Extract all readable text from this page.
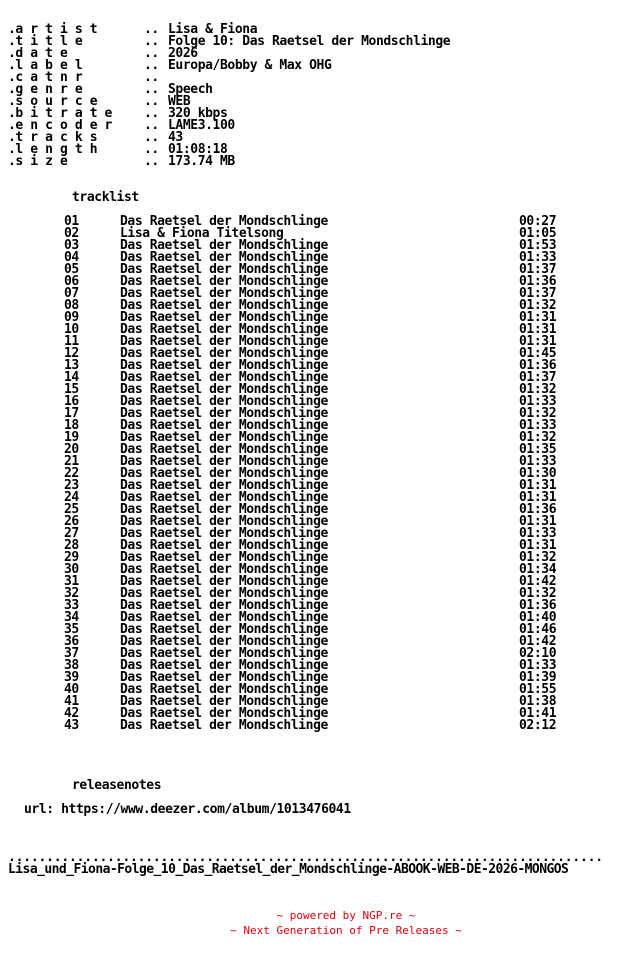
.a r t i s t	.. Lisa & Fiona
.t i t l e	.. Folge 10: Das Raetsel der Mondschlinge
.d a t e	.. 2026
.l a b e l	.. Europa/Bobby & Max OHG
.c a t n r	..
.g e n r e	.. Speech
.s o u r c e	.. WEB
.b i t r a t e .. 320 kbps
.e n c o d e r .. LAME3.100
.t r a c k s	.. 43
.l e n g t h	.. 01:08:18
.s i z e	.. 173.74 MB
tracklist
01	Das Raetsel der Mondschlinge	00:27
02	Lisa & Fiona Titelsong	01:05
03	Das Raetsel der Mondschlinge	01:53
04	Das Raetsel der Mondschlinge	01:33
05	Das Raetsel der Mondschlinge	01:37
06	Das Raetsel der Mondschlinge	01:36
07	Das Raetsel der Mondschlinge	01:37
08	Das Raetsel der Mondschlinge	01:32
09	Das Raetsel der Mondschlinge	01:31
10	Das Raetsel der Mondschlinge	01:31
11	Das Raetsel der Mondschlinge	01:31
12	Das Raetsel der Mondschlinge	01:45
13	Das Raetsel der Mondschlinge	01:36
14	Das Raetsel der Mondschlinge	01:37
15	Das Raetsel der Mondschlinge	01:32
16	Das Raetsel der Mondschlinge	01:33
17	Das Raetsel der Mondschlinge	01:32
18	Das Raetsel der Mondschlinge	01:33
19	Das Raetsel der Mondschlinge	01:32
20	Das Raetsel der Mondschlinge	01:35
21	Das Raetsel der Mondschlinge	01:33
22	Das Raetsel der Mondschlinge	01:30
23	Das Raetsel der Mondschlinge	01:31
24	Das Raetsel der Mondschlinge	01:31
25	Das Raetsel der Mondschlinge	01:36
26	Das Raetsel der Mondschlinge	01:31
27	Das Raetsel der Mondschlinge	01:33
28	Das Raetsel der Mondschlinge	01:31
29	Das Raetsel der Mondschlinge	01:32
30	Das Raetsel der Mondschlinge	01:34
31	Das Raetsel der Mondschlinge	01:42
32	Das Raetsel der Mondschlinge	01:32
33	Das Raetsel der Mondschlinge	01:36
34	Das Raetsel der Mondschlinge	01:40
35	Das Raetsel der Mondschlinge	01:46
36	Das Raetsel der Mondschlinge	01:42
37	Das Raetsel der Mondschlinge	02:10
38	Das Raetsel der Mondschlinge	01:33
39	Das Raetsel der Mondschlinge	01:39
40	Das Raetsel der Mondschlinge	01:55
41	Das Raetsel der Mondschlinge	01:38
42	Das Raetsel der Mondschlinge	01:41
43	Das Raetsel der Mondschlinge	02:12
releasenotes
url: https://www.deezer.com/album/1013476041
..............................................................................
Lisa_und_Fiona-Folge_10_Das_Raetsel_der_Mondschlinge-ABOOK-WEB-DE-2026-MONGOS
~ powered by NGP.re ~
~ Next Generation of Pre Releases ~
